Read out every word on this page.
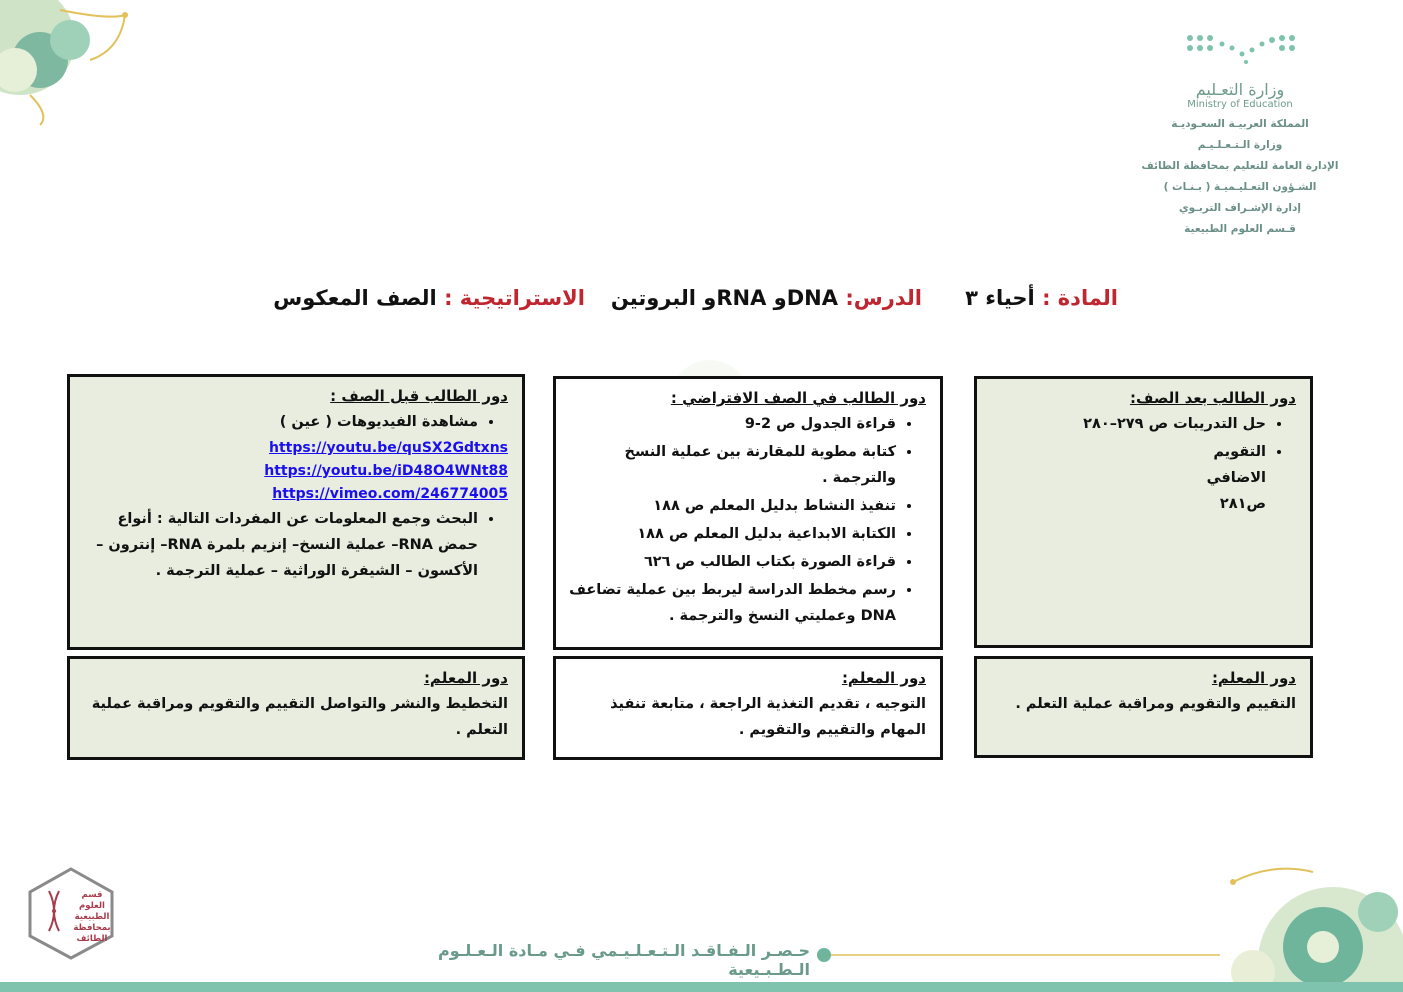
وزارة التعـليم
Ministry of Education
المملكة العربيـة السعـوديـة
وزارة الـتـعـلـيـم
الإدارة العامة للتعليم بمحافظة الطائف
الشـؤون التعـليـميـة ( بـنـات )
إدارة الإشـراف التربـوي
قـسم العلوم الطبيعية
المادة : أحياء ٣
الدرس: DNAو RNAو البروتين
الاستراتيجية : الصف المعكوس
دور الطالب قبل الصف :
• مشاهدة الفيديوهات ( عين )
https://youtu.be/quSX2Gdtxns
https://youtu.be/iD48O4WNt88
https://vimeo.com/246774005
• البحث وجمع المعلومات عن المفردات التالية : أنواع حمض RNA– عملية النسخ– إنزيم بلمرة RNA– إنترون –الأكسون – الشيفرة الوراثية – عملية الترجمة .
دور الطالب في الصف الافتراضي :
• قراءة الجدول ص 2-9
• كتابة مطوية للمقارنة بين عملية النسخ والترجمة .
• تنفيذ النشاط بدليل المعلم ص ١٨٨
• الكتابة الابداعية بدليل المعلم ص ١٨٨
• قراءة الصورة بكتاب الطالب ص ٦٢٦
• رسم مخطط الدراسة ليربط بين عملية تضاعف DNA وعمليتي النسخ والترجمة .
دور الطالب بعد الصف:
• حل التدريبات ص ٢٧٩–٢٨٠
• التقويم الاضافي ص٢٨١
دور المعلم:

التخطيط والنشر والتواصل التقييم والتقويم ومراقبة عملية التعلم .

دور المعلم:

التوجيه ، تقديم التغذية الراجعة ، متابعة تنفيذ المهام والتقييم والتقويم .

دور المعلم:

التقييم والتقويم ومراقبة عملية التعلم .

قسم العلوم الطبيعية بمحافظة الطائف
حـصـر الـفـاقـد الـتـعـلـيـمي فـي مـادة الـعـلـوم الـطـبـيعية
